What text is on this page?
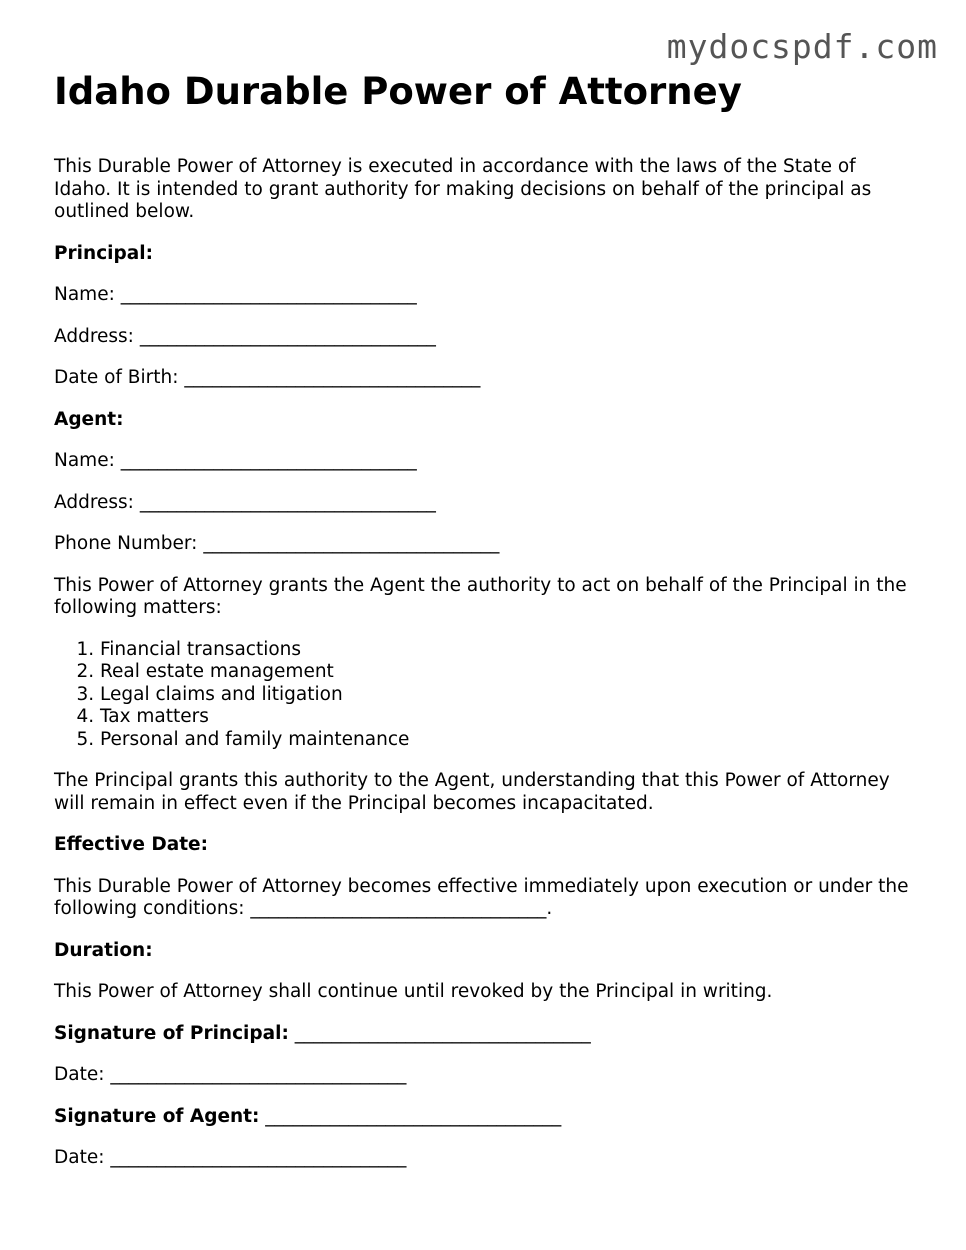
mydocspdf.com
Idaho Durable Power of Attorney

This Durable Power of Attorney is executed in accordance with the laws of the State of Idaho. It is intended to grant authority for making decisions on behalf of the principal as outlined below.

Principal:

Name: ________________________________

Address: ________________________________

Date of Birth: ________________________________

Agent:

Name: ________________________________

Address: ________________________________

Phone Number: ________________________________

This Power of Attorney grants the Agent the authority to act on behalf of the Principal in the following matters:

1. Financial transactions
2. Real estate management
3. Legal claims and litigation
4. Tax matters
5. Personal and family maintenance

The Principal grants this authority to the Agent, understanding that this Power of Attorney will remain in effect even if the Principal becomes incapacitated.

Effective Date:

This Durable Power of Attorney becomes effective immediately upon execution or under the following conditions: ________________________________.

Duration:

This Power of Attorney shall continue until revoked by the Principal in writing.

Signature of Principal: ________________________________

Date: ________________________________

Signature of Agent: ________________________________

Date: ________________________________
